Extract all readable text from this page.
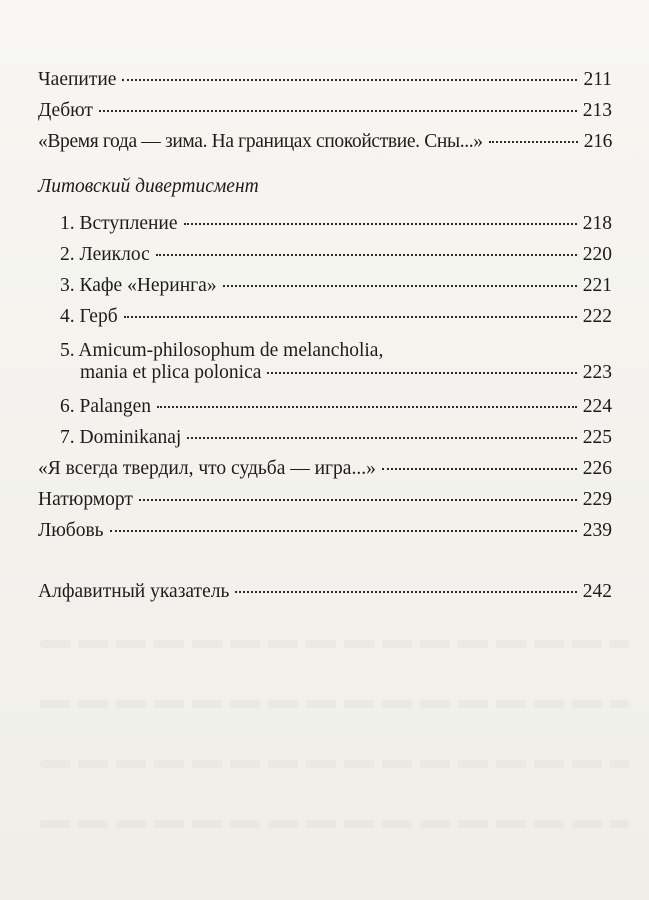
Чаепитие	211
Дебют	213
«Время года — зима. На границах спокойствие. Сны...»	216
Литовский дивертисмент
1. Вступление	218
2. Леиклос	220
3. Кафе «Неринга»	221
4. Герб	222
5. Amicum-philosophum de melancholia,
mania et plica polonica	223
6. Palangen	224
7. Dominikanaj	225
«Я всегда твердил, что судьба — игра...»	226
Натюрморт	229
Любовь	239
Алфавитный указатель	242
